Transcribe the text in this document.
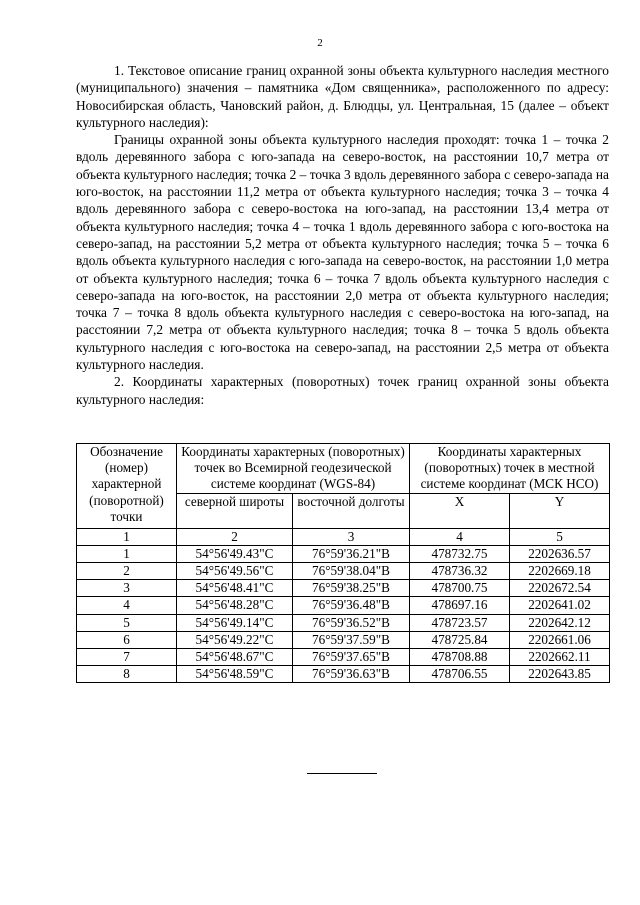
2

1. Текстовое описание границ охранной зоны объекта культурного наследия местного (муниципального) значения – памятника «Дом священника», расположенного по адресу: Новосибирская область, Чановский район, д. Блюдцы, ул. Центральная, 15 (далее – объект культурного наследия):

Границы охранной зоны объекта культурного наследия проходят: точка 1 – точка 2 вдоль деревянного забора с юго-запада на северо-восток, на расстоянии 10,7 метра от объекта культурного наследия; точка 2 – точка 3 вдоль деревянного забора с северо-запада на юго-восток, на расстоянии 11,2 метра от объекта культурного наследия; точка 3 – точка 4 вдоль деревянного забора с северо-востока на юго-запад, на расстоянии 13,4 метра от объекта культурного наследия; точка 4 – точка 1 вдоль деревянного забора с юго-востока на северо-запад, на расстоянии 5,2 метра от объекта культурного наследия; точка 5 – точка 6 вдоль объекта культурного наследия с юго-запада на северо-восток, на расстоянии 1,0 метра от объекта культурного наследия; точка 6 – точка 7 вдоль объекта культурного наследия с северо-запада на юго-восток, на расстоянии 2,0 метра от объекта культурного наследия; точка 7 – точка 8 вдоль объекта культурного наследия с северо-востока на юго-запад, на расстоянии 7,2 метра от объекта культурного наследия; точка 8 – точка 5 вдоль объекта культурного наследия с юго-востока на северо-запад, на расстоянии 2,5 метра от объекта культурного наследия.

2. Координаты характерных (поворотных) точек границ охранной зоны объекта культурного наследия:

Обозначение (номер) характерной (поворотной) точки	Координаты характерных (поворотных) точек во Всемирной геодезической системе координат (WGS-84)		Координаты характерных (поворотных) точек в местной системе координат (МСК НСО)	
	северной широты	восточной долготы	X	Y
1	2	3	4	5
1	54°56'49.43"С	76°59'36.21"В	478732.75	2202636.57
2	54°56'49.56"С	76°59'38.04"В	478736.32	2202669.18
3	54°56'48.41"С	76°59'38.25"В	478700.75	2202672.54
4	54°56'48.28"С	76°59'36.48"В	478697.16	2202641.02
5	54°56'49.14"С	76°59'36.52"В	478723.57	2202642.12
6	54°56'49.22"С	76°59'37.59"В	478725.84	2202661.06
7	54°56'48.67"С	76°59'37.65"В	478708.88	2202662.11
8	54°56'48.59"С	76°59'36.63"В	478706.55	2202643.85
